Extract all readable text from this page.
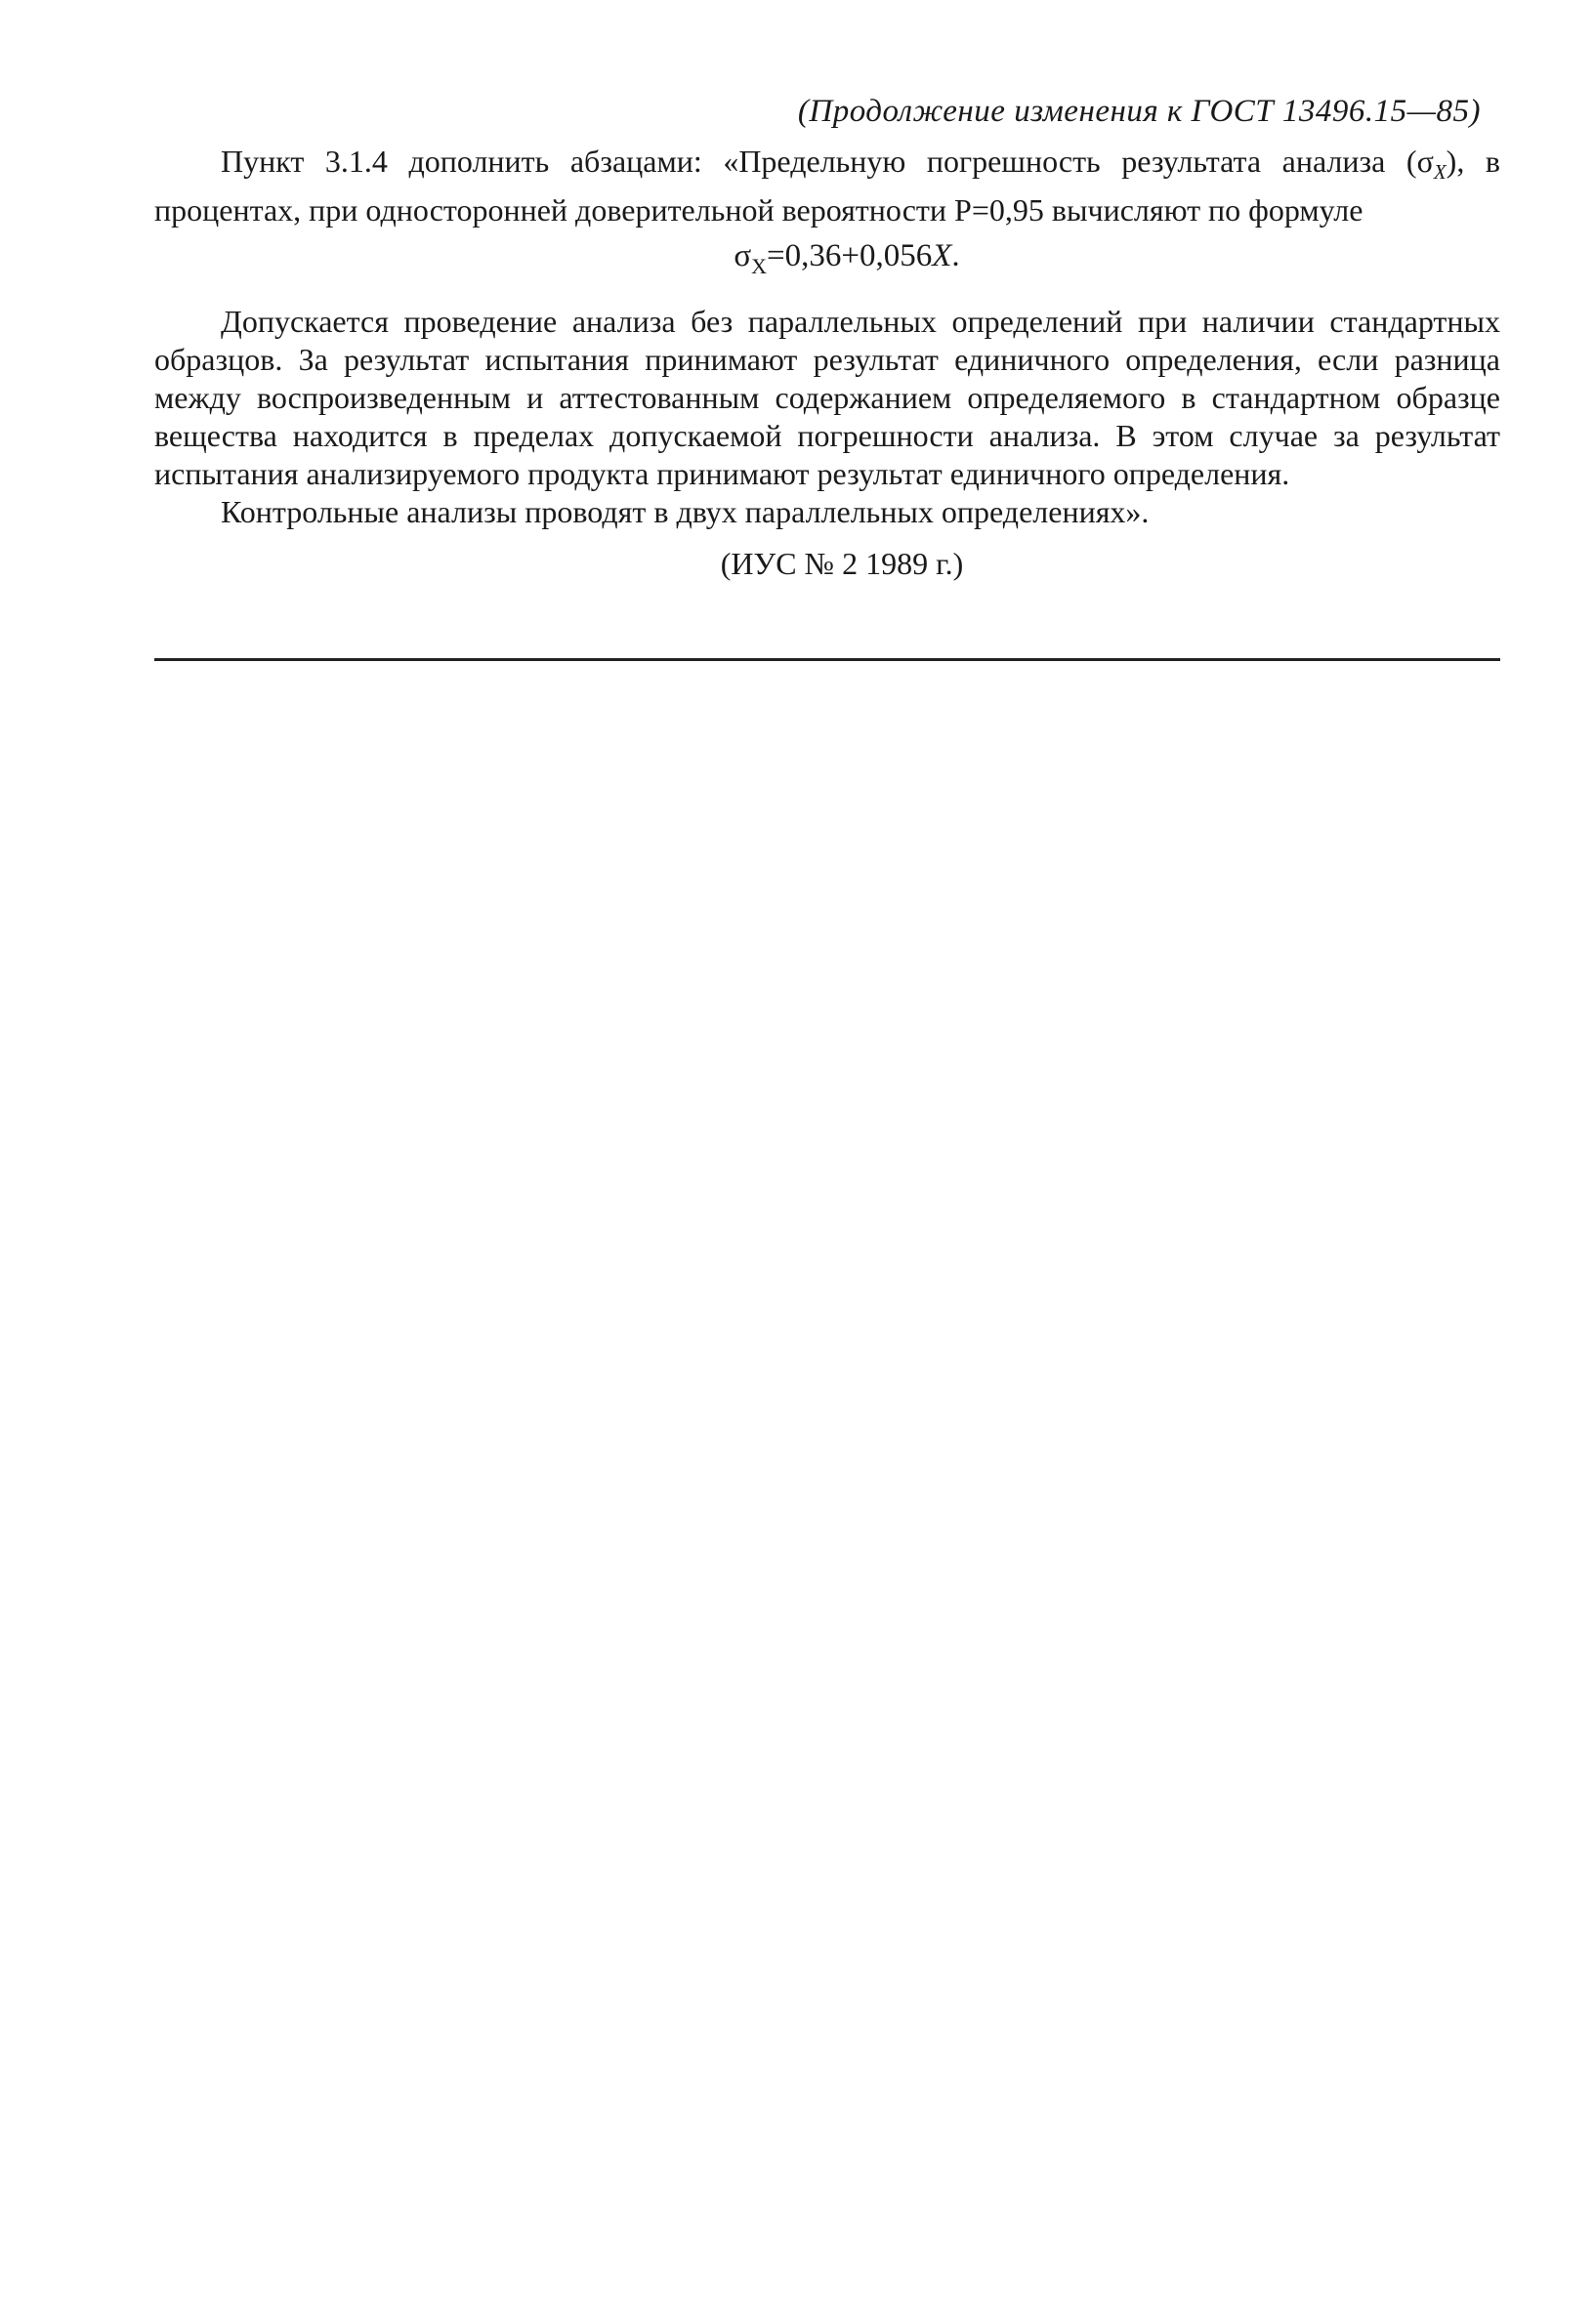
(Продолжение изменения к ГОСТ 13496.15—85)

Пункт 3.1.4 дополнить абзацами: «Предельную погрешность результата анализа $(\sigma_X)$, в процентах, при односторонней доверительной вероятности P=0,95 вычисляют по формуле

$\sigma_X=0,36+0,056X$.

Допускается проведение анализа без параллельных определений при наличии стандартных образцов. За результат испытания принимают результат единичного определения, если разница между воспроизведенным и аттестованным содержанием определяемого в стандартном образце вещества находится в пределах допускаемой погрешности анализа. В этом случае за результат испытания анализируемого продукта принимают результат единичного определения.

Контрольные анализы проводят в двух параллельных определениях».

(ИУС № 2 1989 г.)
